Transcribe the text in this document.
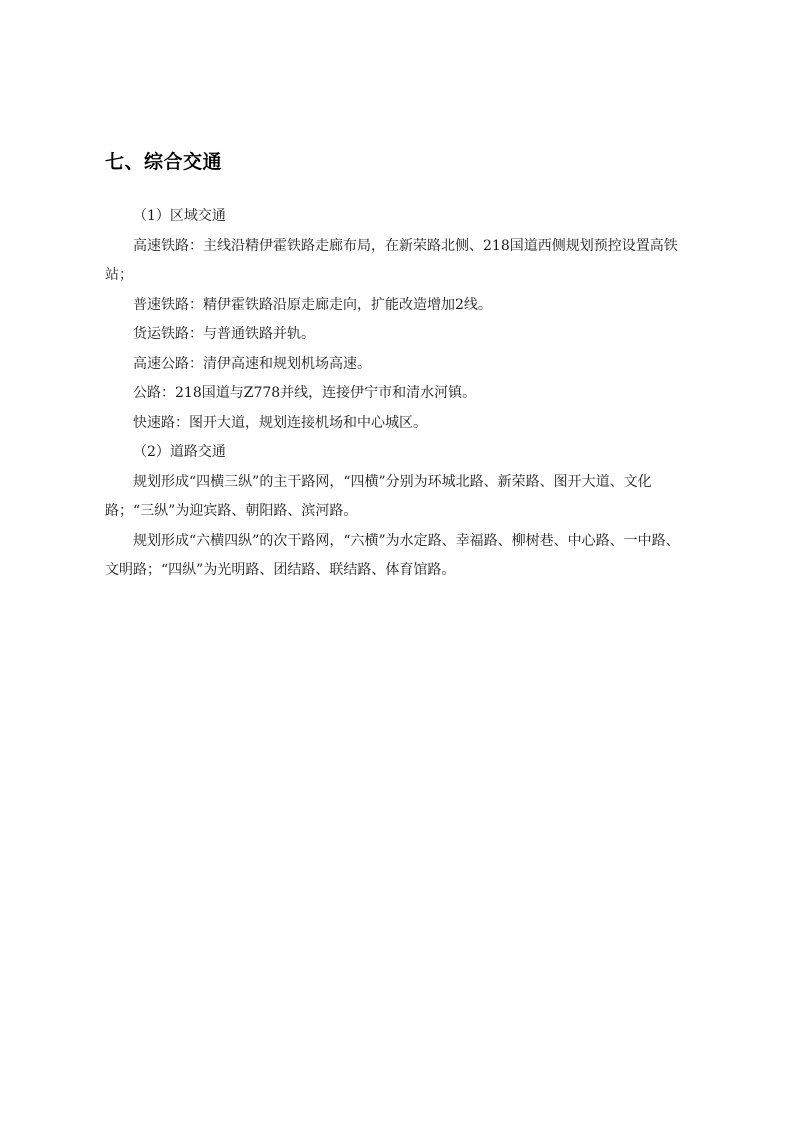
七、综合交通

（1）区域交通

高速铁路：主线沿精伊霍铁路走廊布局，在新荣路北侧、218国道西侧规划预控设置高铁站；

普速铁路：精伊霍铁路沿原走廊走向，扩能改造增加2线。

货运铁路：与普通铁路并轨。

高速公路：清伊高速和规划机场高速。

公路：218国道与Z778并线，连接伊宁市和清水河镇。

快速路：图开大道，规划连接机场和中心城区。

（2）道路交通

规划形成“四横三纵”的主干路网，“四横”分别为环城北路、新荣路、图开大道、文化路；“三纵”为迎宾路、朝阳路、滨河路。

规划形成“六横四纵”的次干路网，“六横”为水定路、幸福路、柳树巷、中心路、一中路、文明路；“四纵”为光明路、团结路、联结路、体育馆路。
